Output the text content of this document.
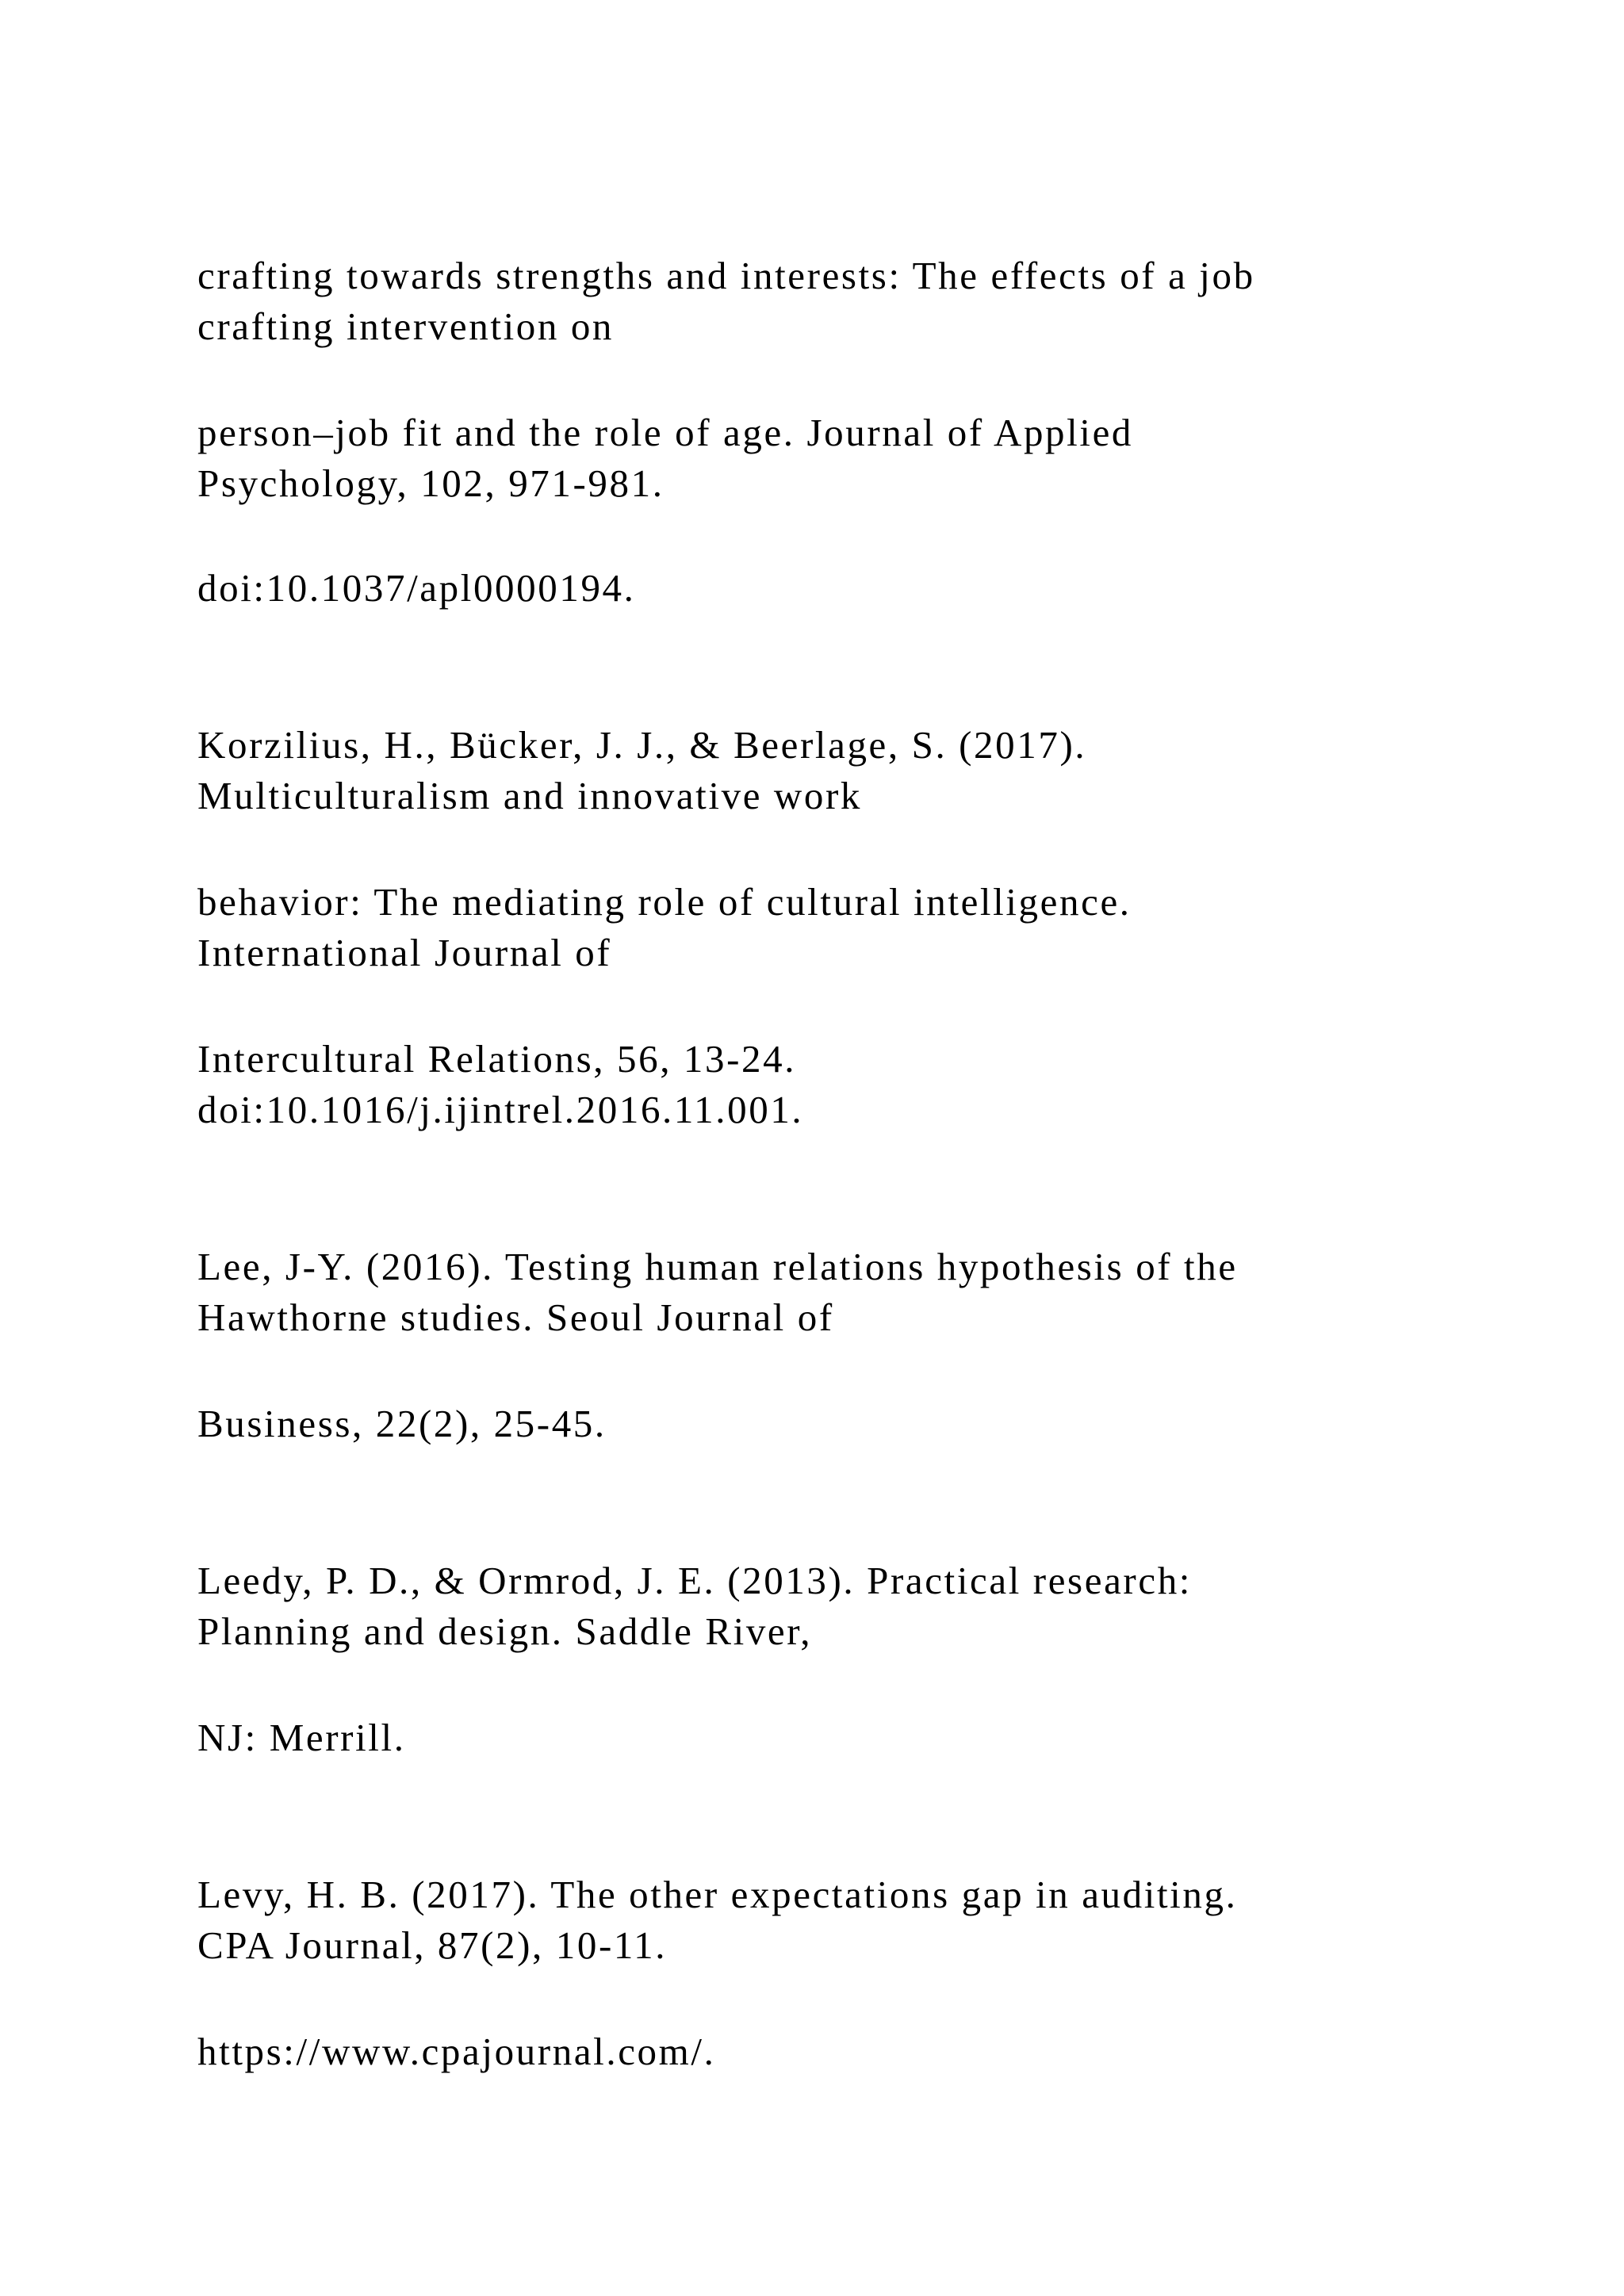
crafting towards strengths and interests: The effects of a job

crafting intervention on

person–job fit and the role of age. Journal of Applied

Psychology, 102, 971-981.

doi:10.1037/apl0000194.

Korzilius, H., Bücker, J. J., & Beerlage, S. (2017).

Multiculturalism and innovative work

behavior: The mediating role of cultural intelligence.

International Journal of

Intercultural Relations, 56, 13-24.

doi:10.1016/j.ijintrel.2016.11.001.

Lee, J-Y. (2016). Testing human relations hypothesis of the

Hawthorne studies. Seoul Journal of

Business, 22(2), 25-45.

Leedy, P. D., & Ormrod, J. E. (2013). Practical research:

Planning and design. Saddle River,

NJ: Merrill.

Levy, H. B. (2017). The other expectations gap in auditing.

CPA Journal, 87(2), 10-11.

https://www.cpajournal.com/.
